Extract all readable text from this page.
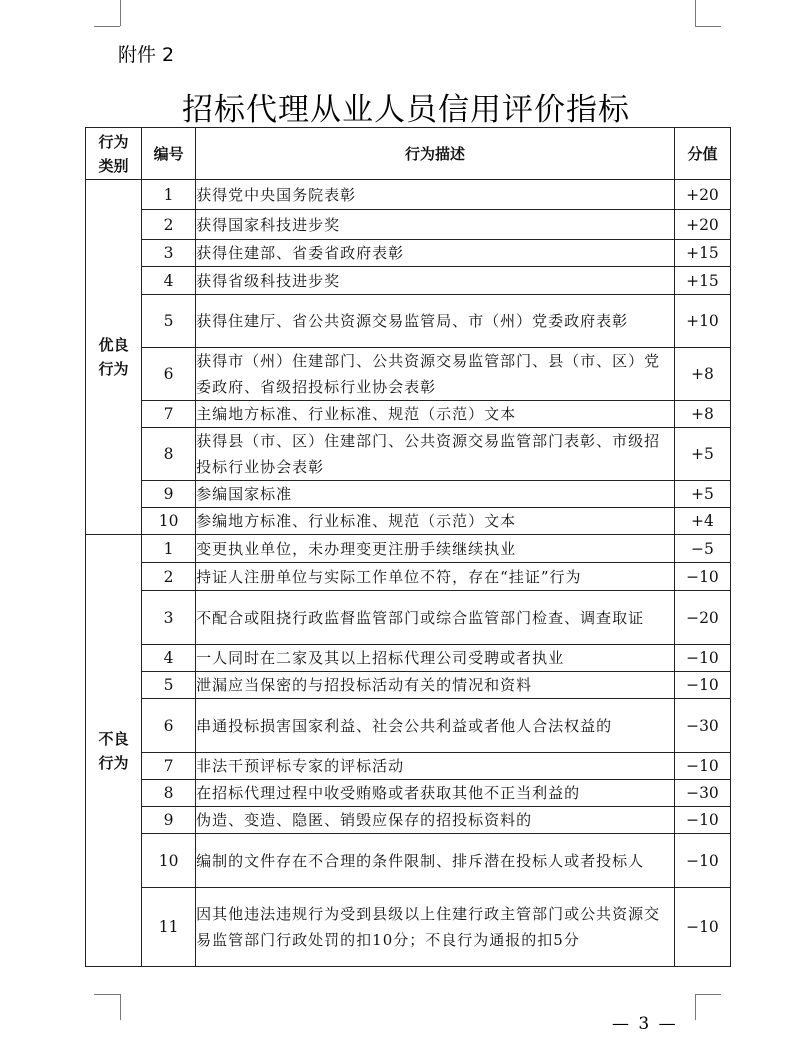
附件 2
招标代理从业人员信用评价指标
行为类别	编号	行为描述	分值
优良行为	1	获得党中央国务院表彰	+20
	2	获得国家科技进步奖	+20
	3	获得住建部、省委省政府表彰	+15
	4	获得省级科技进步奖	+15
	5	获得住建厅、省公共资源交易监管局、市（州）党委政府表彰	+10
	6	获得市（州）住建部门、公共资源交易监管部门、县（市、区）党委政府、省级招投标行业协会表彰	+8
	7	主编地方标准、行业标准、规范（示范）文本	+8
	8	获得县（市、区）住建部门、公共资源交易监管部门表彰、市级招投标行业协会表彰	+5
	9	参编国家标准	+5
	10	参编地方标准、行业标准、规范（示范）文本	+4
不良行为	1	变更执业单位，未办理变更注册手续继续执业	−5
	2	持证人注册单位与实际工作单位不符，存在“挂证”行为	−10
	3	不配合或阻挠行政监督监管部门或综合监管部门检查、调查取证	−20
	4	一人同时在二家及其以上招标代理公司受聘或者执业	−10
	5	泄漏应当保密的与招投标活动有关的情况和资料	−10
	6	串通投标损害国家利益、社会公共利益或者他人合法权益的	−30
	7	非法干预评标专家的评标活动	−10
	8	在招标代理过程中收受贿赂或者获取其他不正当利益的	−30
	9	伪造、变造、隐匿、销毁应保存的招投标资料的	−10
	10	编制的文件存在不合理的条件限制、排斥潜在投标人或者投标人	−10
	11	因其他违法违规行为受到县级以上住建行政主管部门或公共资源交易监管部门行政处罚的扣10分；不良行为通报的扣5分	−10
— 3 —
